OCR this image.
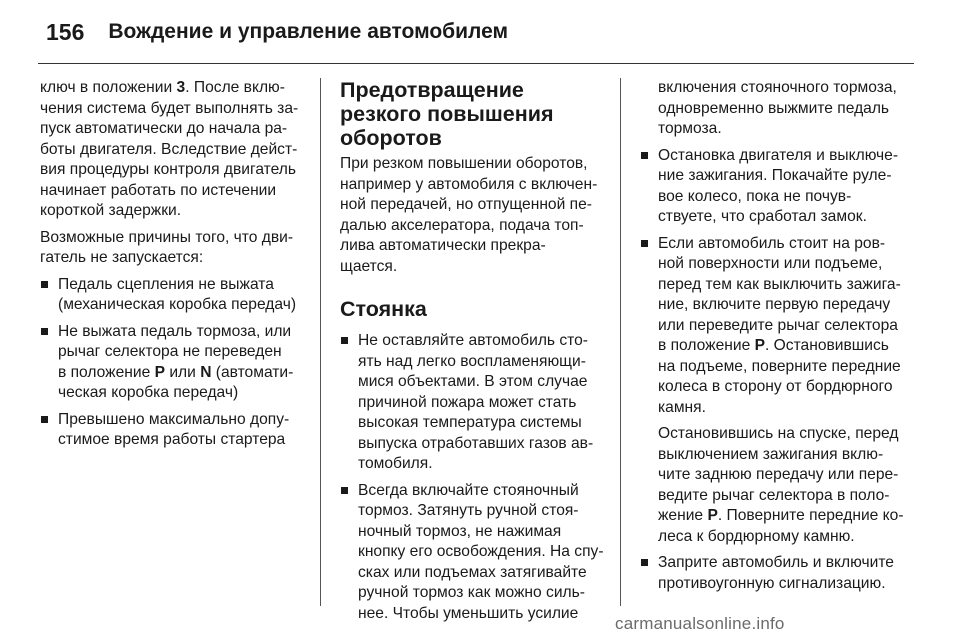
156 Вождение и управление автомобилем

ключ в положении 3. После вклю-
чения система будет выполнять за-
пуск автоматически до начала ра-
боты двигателя. Вследствие дейст-
вия процедуры контроля двигатель
начинает работать по истечении
короткой задержки.

Возможные причины того, что дви-
гатель не запускается:

Педаль сцепления не выжата
(механическая коробка передач)
Не выжата педаль тормоза, или
рычаг селектора не переведен
в положение P или N (автомати-
ческая коробка передач)
Превышено максимально допу-
стимое время работы стартера
Предотвращение
резкого повышения
оборотов

При резком повышении оборотов,
например у автомобиля с включен-
ной передачей, но отпущенной пе-
далью акселератора, подача топ-
лива автоматически прекра-
щается.

Стоянка
Не оставляйте автомобиль сто-
ять над легко воспламеняющи-
мися объектами. В этом случае
причиной пожара может стать
высокая температура системы
выпуска отработавших газов ав-
томобиля.
Всегда включайте стояночный
тормоз. Затянуть ручной стоя-
ночный тормоз, не нажимая
кнопку его освобождения. На спу-
сках или подъемах затягивайте
ручной тормоз как можно силь-
нее. Чтобы уменьшить усилие
включения стояночного тормоза,
одновременно выжмите педаль
тормоза.
Остановка двигателя и выключе-
ние зажигания. Покачайте руле-
вое колесо, пока не почув-
ствуете, что сработал замок.
Если автомобиль стоит на ров-
ной поверхности или подъеме,
перед тем как выключить зажига-
ние, включите первую передачу
или переведите рычаг селектора
в положение P. Остановившись
на подъеме, поверните передние
колеса в сторону от бордюрного
камня.
Остановившись на спуске, перед
выключением зажигания вклю-
чите заднюю передачу или пере-
ведите рычаг селектора в поло-
жение P. Поверните передние ко-
леса к бордюрному камню.
Заприте автомобиль и включите
противоугонную сигнализацию.
carmanualsonline.info
